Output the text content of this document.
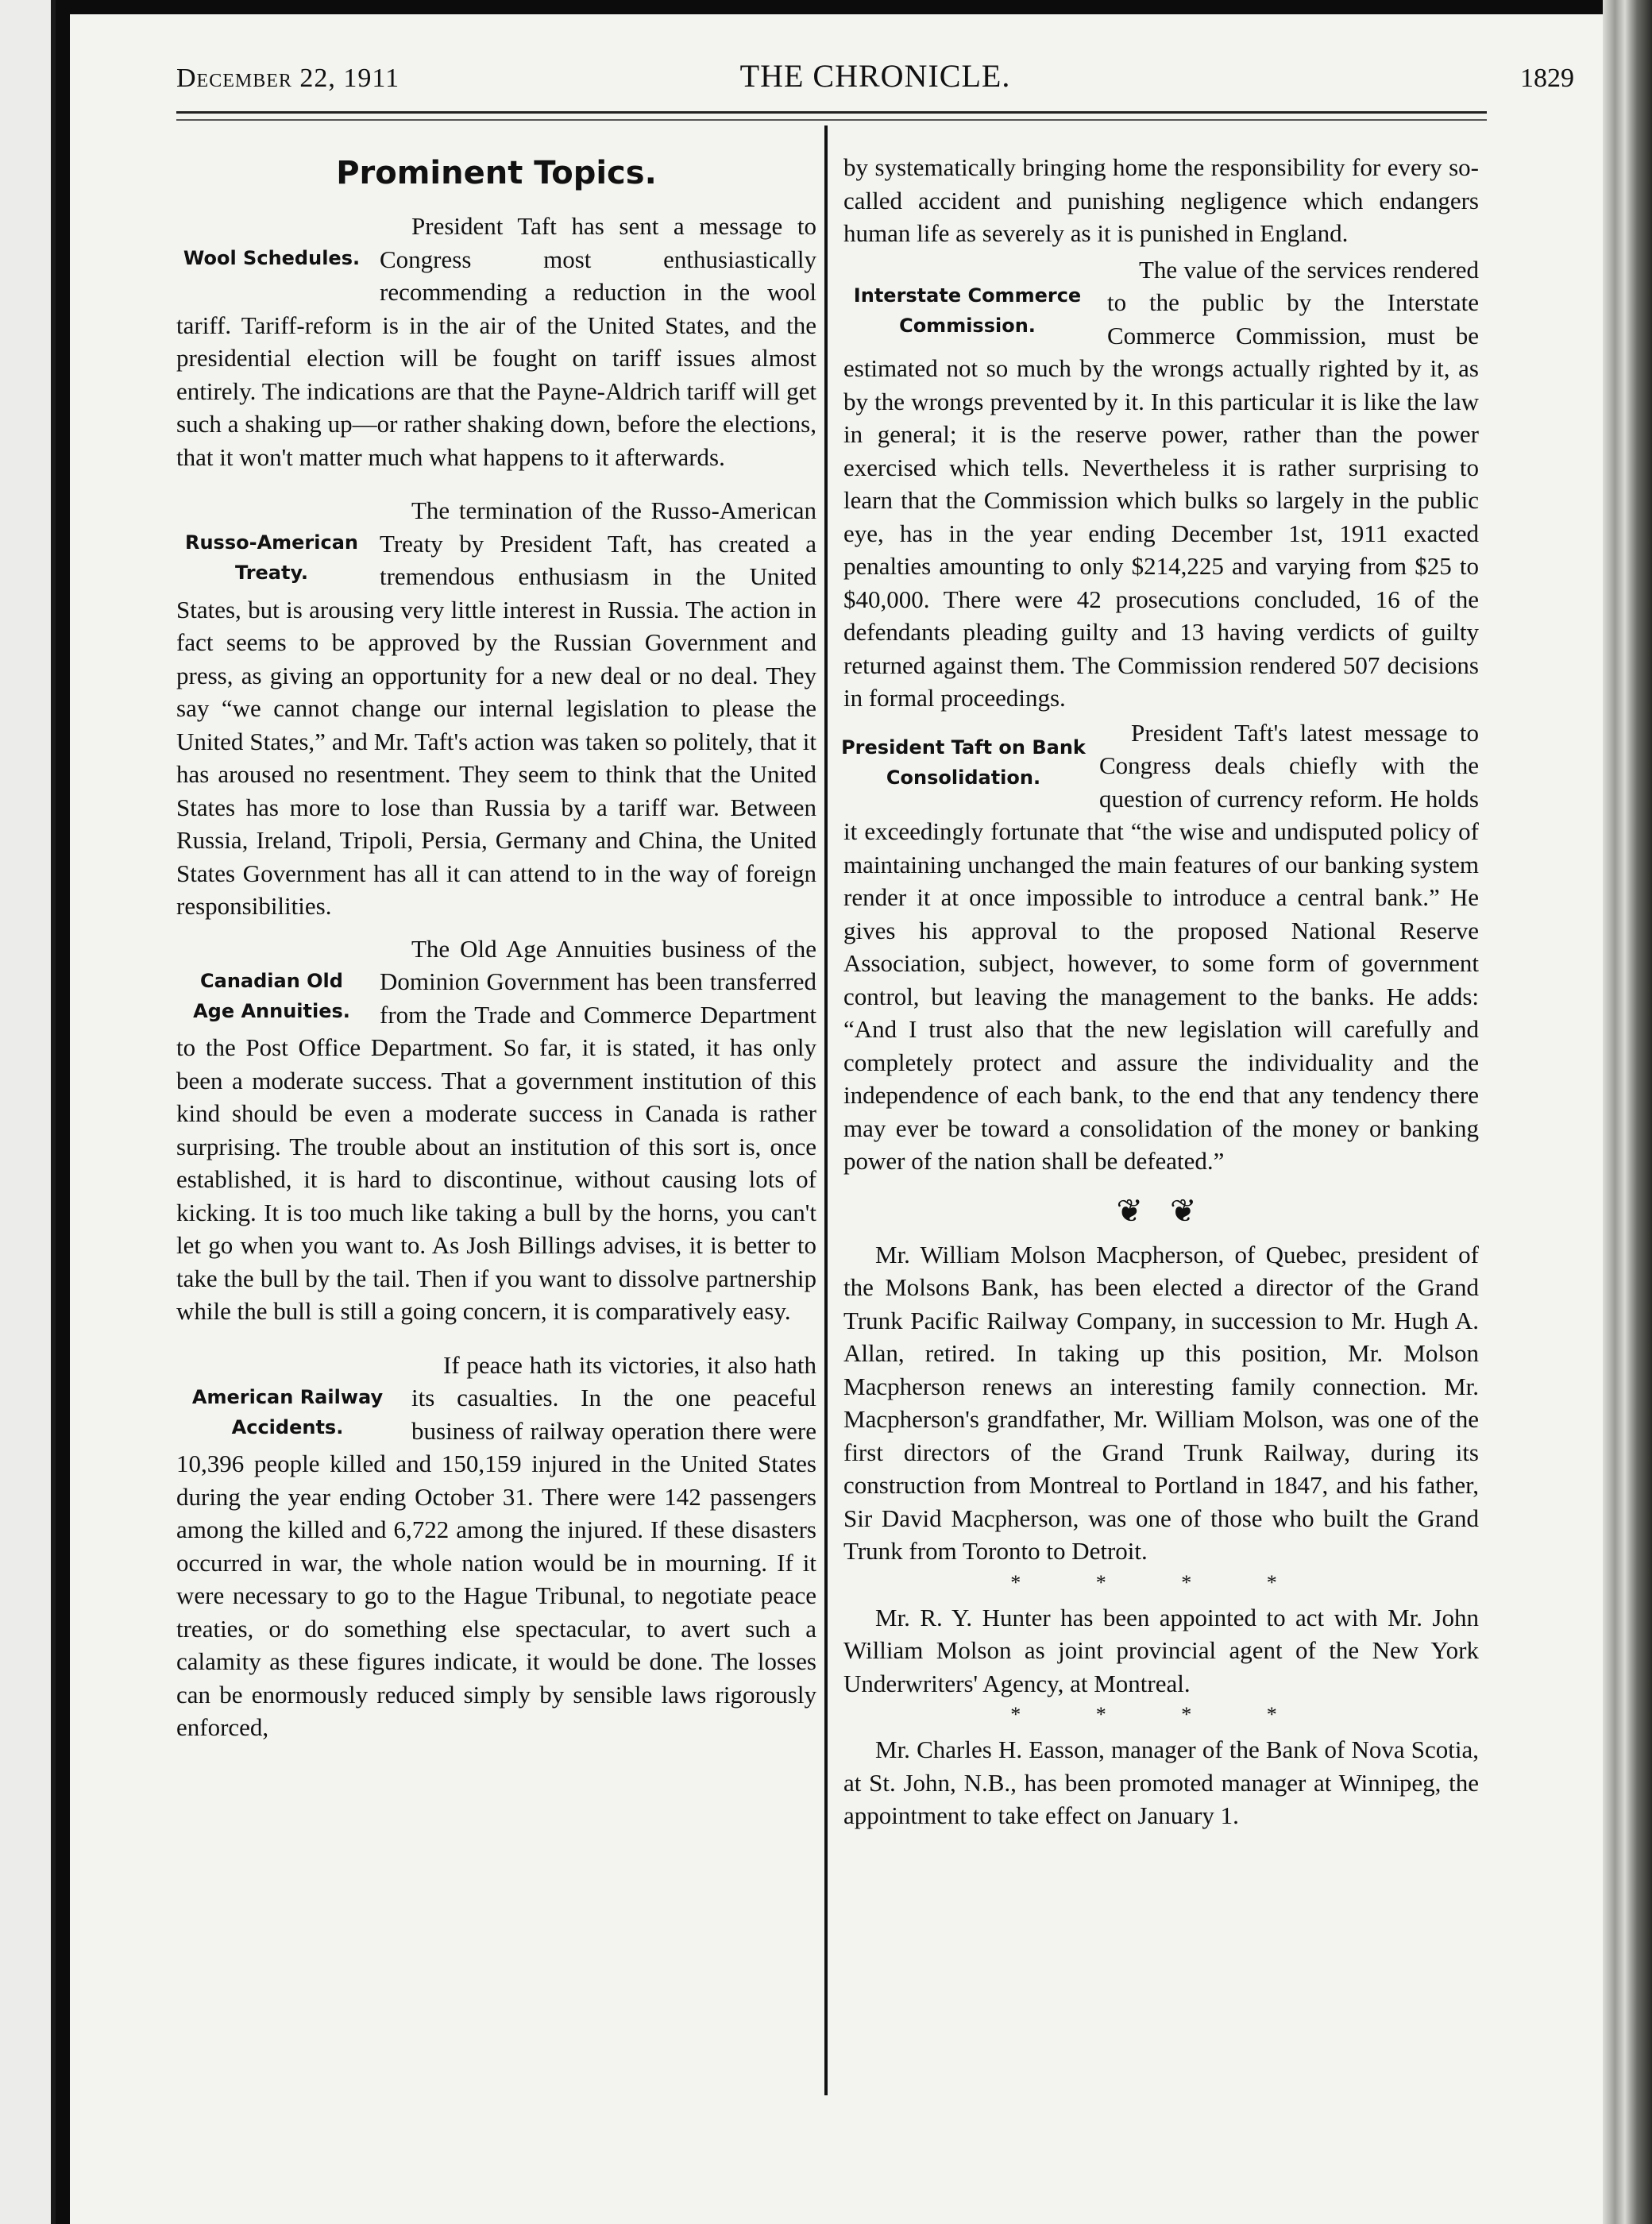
December 22, 1911	THE CHRONICLE.	1829
Prominent Topics.
Wool Schedules.

President Taft has sent a message to Congress most enthusiastically recommending a reduction in the wool tariff. Tariff-reform is in the air of the United States, and the presidential election will be fought on tariff issues almost entirely. The indications are that the Payne-Aldrich tariff will get such a shaking up—or rather shaking down, before the elections, that it won't matter much what happens to it afterwards.

Russo-American Treaty.

The termination of the Russo-American Treaty by President Taft, has created a tremendous enthusiasm in the United States, but is arousing very little interest in Russia. The action in fact seems to be approved by the Russian Government and press, as giving an opportunity for a new deal or no deal. They say “we cannot change our internal legislation to please the United States,” and Mr. Taft's action was taken so politely, that it has aroused no resentment. They seem to think that the United States has more to lose than Russia by a tariff war. Between Russia, Ireland, Tripoli, Persia, Germany and China, the United States Government has all it can attend to in the way of foreign responsibilities.

Canadian Old Age Annuities.

The Old Age Annuities business of the Dominion Government has been transferred from the Trade and Commerce Department to the Post Office Department. So far, it is stated, it has only been a moderate success. That a government institution of this kind should be even a moderate success in Canada is rather surprising. The trouble about an institution of this sort is, once established, it is hard to discontinue, without causing lots of kicking. It is too much like taking a bull by the horns, you can't let go when you want to. As Josh Billings advises, it is better to take the bull by the tail. Then if you want to dissolve partnership while the bull is still a going concern, it is comparatively easy.

American Railway Accidents.

If peace hath its victories, it also hath its casualties. In the one peaceful business of railway operation there were 10,396 people killed and 150,159 injured in the United States during the year ending October 31. There were 142 passengers among the killed and 6,722 among the injured. If these disasters occurred in war, the whole nation would be in mourning. If it were necessary to go to the Hague Tribunal, to negotiate peace treaties, or do something else spectacular, to avert such a calamity as these figures indicate, it would be done. The losses can be enormously reduced simply by sensible laws rigorously enforced,

by systematically bringing home the responsibility for every so-called accident and punishing negligence which endangers human life as severely as it is punished in England.

Interstate Commerce Commission.

The value of the services rendered to the public by the Interstate Commerce Commission, must be estimated not so much by the wrongs actually righted by it, as by the wrongs prevented by it. In this particular it is like the law in general; it is the reserve power, rather than the power exercised which tells. Nevertheless it is rather surprising to learn that the Commission which bulks so largely in the public eye, has in the year ending December 1st, 1911 exacted penalties amounting to only $214,225 and varying from $25 to $40,000. There were 42 prosecutions concluded, 16 of the defendants pleading guilty and 13 having verdicts of guilty returned against them. The Commission rendered 507 decisions in formal proceedings.

President Taft on Bank Consolidation.

President Taft's latest message to Congress deals chiefly with the question of currency reform. He holds it exceedingly fortunate that “the wise and undisputed policy of maintaining unchanged the main features of our banking system render it at once impossible to introduce a central bank.” He gives his approval to the proposed National Reserve Association, subject, however, to some form of government control, but leaving the management to the banks. He adds: “And I trust also that the new legislation will carefully and completely protect and assure the individuality and the independence of each bank, to the end that any tendency there may ever be toward a consolidation of the money or banking power of the nation shall be defeated.”

❦ ❦

Mr. William Molson Macpherson, of Quebec, president of the Molsons Bank, has been elected a director of the Grand Trunk Pacific Railway Company, in succession to Mr. Hugh A. Allan, retired. In taking up this position, Mr. Molson Macpherson renews an interesting family connection. Mr. Macpherson's grandfather, Mr. William Molson, was one of the first directors of the Grand Trunk Railway, during its construction from Montreal to Portland in 1847, and his father, Sir David Macpherson, was one of those who built the Grand Trunk from Toronto to Detroit.

* * * *

Mr. R. Y. Hunter has been appointed to act with Mr. John William Molson as joint provincial agent of the New York Underwriters' Agency, at Montreal.

* * * *

Mr. Charles H. Easson, manager of the Bank of Nova Scotia, at St. John, N.B., has been promoted manager at Winnipeg, the appointment to take effect on January 1.
